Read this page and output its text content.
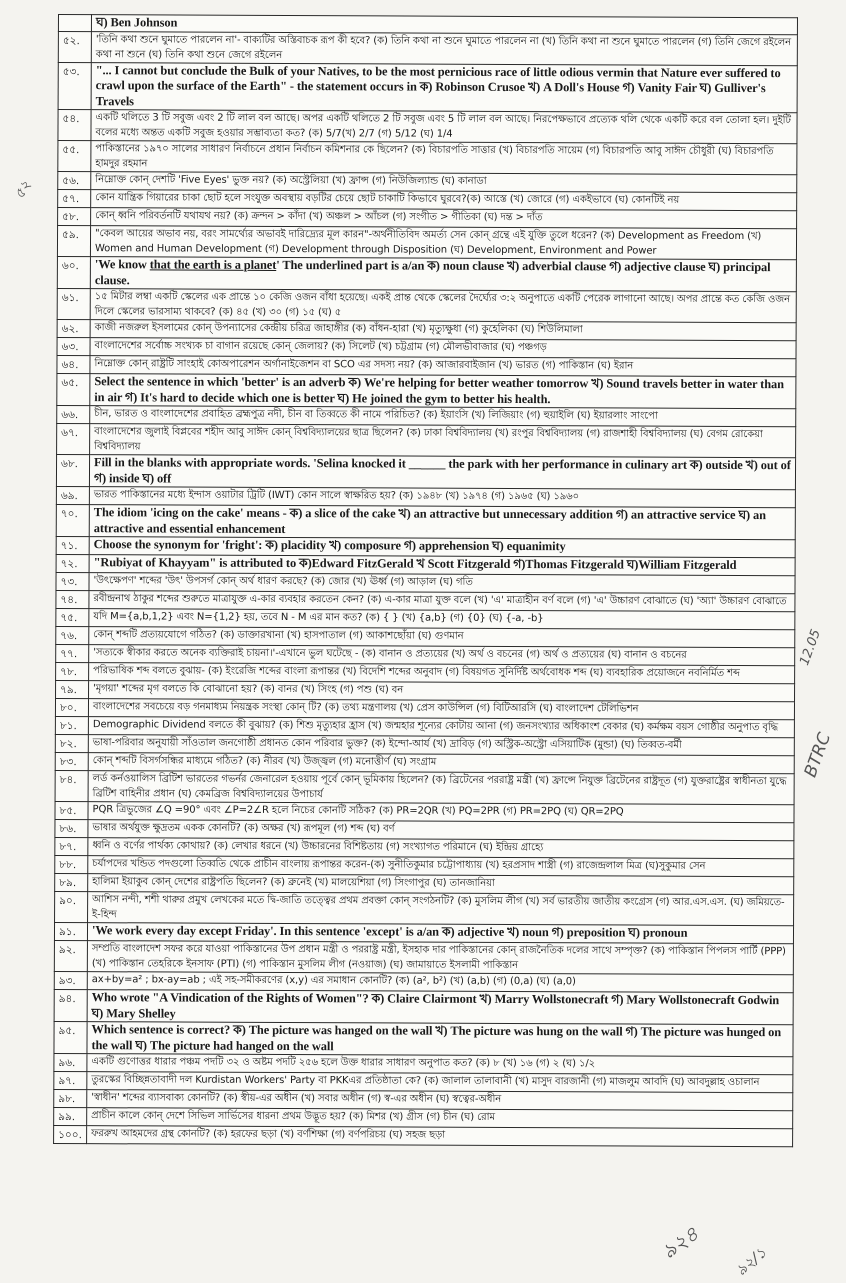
	ঘ) Ben Johnson
৫২.	'তিনি কথা শুনে ঘুমাতে পারলেন না'- বাক্যটির অস্তিবাচক রূপ কী হবে? (ক) তিনি কথা না শুনে ঘুমাতে পারলেন না (খ) তিনি কথা না শুনে ঘুমাতে পারলেন (গ) তিনি জেগে রইলেন কথা না শুনে (ঘ) তিনি কথা শুনে জেগে রইলেন
৫৩.	"... I cannot but conclude the Bulk of your Natives, to be the most pernicious race of little odious vermin that Nature ever suffered to crawl upon the surface of the Earth" - the statement occurs in ক) Robinson Crusoe খ) A Doll's House গ) Vanity Fair ঘ) Gulliver's Travels
৫৪.	একটি থলিতে 3 টি সবুজ এবং 2 টি লাল বল আছে। অপর একটি থলিতে 2 টি সবুজ এবং 5 টি লাল বল আছে। নিরপেক্ষভাবে প্রত্যেক থলি থেকে একটি করে বল তোলা হল। দুইটি বলের মধ্যে অন্তত একটি সবুজ হওয়ার সম্ভাব্যতা কত? (ক) 5/7(খ) 2/7 (গ) 5/12 (ঘ) 1/4
৫৫.	পাকিস্তানের ১৯৭০ সালের সাধারণ নির্বাচনে প্রধান নির্বাচন কমিশনার কে ছিলেন? (ক) বিচারপতি সাত্তার (খ) বিচারপতি সায়েম (গ) বিচারপতি আবু সাঈদ চৌধুরী (ঘ) বিচারপতি হামদুর রহমান
৫৬.	নিম্নোক্ত কোন্ দেশটি 'Five Eyes' ভুক্ত নয়? (ক) অস্ট্রেলিয়া (খ) ফ্রান্স (গ) নিউজিল্যান্ড (ঘ) কানাডা
৫৭.	কোন যান্ত্রিক গিয়ারের চাকা ছোট হলে সংযুক্ত অবস্থায় বড়টির চেয়ে ছোট চাকাটি কিভাবে ঘুরবে?(ক) আস্তে (খ) জোরে (গ) একইভাবে (ঘ) কোনটিই নয়
৫৮.	কোন্ ধ্বনি পরিবর্তনটি যথাযথ নয়? (ক) ক্রন্দন > কাঁদা (খ) অঞ্চল > আঁচল (গ) সংগীত > গীতিকা (ঘ) দন্ত > দাঁত
৫৯.	"কেবল আয়ের অভাব নয়, বরং সামর্থ্যের অভাবই দারিদ্র্যের মূল কারন"-অর্থনীতিবিদ অমর্ত্য সেন কোন্ গ্রন্থে এই যুক্তি তুলে ধরেন? (ক) Development as Freedom (খ) Women and Human Development (গ) Development through Disposition (ঘ) Development, Environment and Power
৬০.	'We know that the earth is a planet' The underlined part is a/an ক) noun clause খ) adverbial clause গ) adjective clause ঘ) principal clause.
৬১.	১৫ মিটার লম্বা একটি স্কেলের এক প্রান্তে ১০ কেজি ওজন বাঁধা হয়েছে। একই প্রান্ত থেকে স্কেলের দৈর্ঘ্যের ৩:২ অনুপাতে একটি পেরেক লাগানো আছে। অপর প্রান্তে কত কেজি ওজন দিলে স্কেলের ভারসাম্য থাকবে? (ক) ৪৫ (খ) ৩০ (গ) ১৫ (ঘ) ৫
৬২.	কাজী নজরুল ইসলামের কোন্ উপন্যাসের কেন্দ্রীয় চরিত্র জাহাঙ্গীর (ক) বাঁধন-হারা (খ) মৃত্যুক্ষুধা (গ) কুহেলিকা (ঘ) শিউলিমালা
৬৩.	বাংলাদেশের সর্বোচ্চ সংখ্যক চা বাগান রয়েছে কোন্ জেলায়? (ক) সিলেট (খ) চট্টগ্রাম (গ) মৌলভীবাজার (ঘ) পঞ্চগড়
৬৪.	নিম্নোক্ত কোন্ রাষ্ট্রটি সাংহাই কোঅপারেশন অর্গানাইজেশন বা SCO এর সদস্য নয়? (ক) আজারবাইজান (খ) ভারত (গ) পাকিস্তান (ঘ) ইরান
৬৫.	Select the sentence in which 'better' is an adverb ক) We're helping for better weather tomorrow খ) Sound travels better in water than in air গ) It's hard to decide which one is better ঘ) He joined the gym to better his health.
৬৬.	চীন, ভারত ও বাংলাদেশের প্রবাহিত ব্রহ্মপুত্র নদী, চীন বা তিব্বতে কী নামে পরিচিত? (ক) ইয়াংসি (খ) লিজিয়াং (গ) হুয়াইলি (ঘ) ইয়ারলাং সাংপো
৬৭.	বাংলাদেশের জুলাই বিপ্লবের শহীদ আবু সাঈদ কোন্ বিশ্ববিদ্যালয়ের ছাত্র ছিলেন? (ক) ঢাকা বিশ্ববিদ্যালয় (খ) রংপুর বিশ্ববিদ্যালয় (গ) রাজশাহী বিশ্ববিদ্যালয় (ঘ) বেগম রোকেয়া বিশ্ববিদ্যালয়
৬৮.	Fill in the blanks with appropriate words. 'Selina knocked it ______ the park with her performance in culinary art ক) outside খ) out of গ) inside ঘ) off
৬৯.	ভারত পাকিস্তানের মধ্যে ইন্দাস ওয়াটার ট্রিটি (IWT) কোন সালে স্বাক্ষরিত হয়? (ক) ১৯৪৮ (খ) ১৯৭৪ (গ) ১৯৬৫ (ঘ) ১৯৬০
৭০.	The idiom 'icing on the cake' means - ক) a slice of the cake খ) an attractive but unnecessary addition গ) an attractive service ঘ) an attractive and essential enhancement
৭১.	Choose the synonym for 'fright': ক) placidity খ) composure গ) apprehension ঘ) equanimity
৭২.	"Rubiyat of Khayyam" is attributed to ক)Edward FitzGerald খ Scott Fitzgerald গ)Thomas Fitzgerald ঘ)William Fitzgerald
৭৩.	'উৎক্ষেপণ' শব্দের 'উৎ' উপসর্গ কোন্ অর্থ ধারণ করছে? (ক) জোর (খ) ঊর্ধ্ব (গ) আড়াল (ঘ) গতি
৭৪.	রবীন্দ্রনাথ ঠাকুর শব্দের শুরুতে মাত্রাযুক্ত এ-কার ব্যবহার করতেন কেন? (ক) এ-কার মাত্রা যুক্ত বলে (খ) 'এ' মাত্রাহীন বর্ণ বলে (গ) 'এ' উচ্চারণ বোঝাতে (ঘ) 'অ্যা' উচ্চারণ বোঝাতে
৭৫.	যদি M={a,b,1,2} এবং N={1,2} হয়, তবে N - M এর মান কত? (ক) { } (খ) {a,b} (গ) {0} (ঘ) {-a, -b}
৭৬.	কোন্ শব্দটি প্রত্যয়যোগে গঠিত? (ক) ডাক্তারখানা (খ) হাসপাতাল (গ) আকাশছোঁয়া (ঘ) গুণমান
৭৭.	'সত্যকে স্বীকার করতে অনেক ব্যক্তিরাই চায়না।'-এখানে ভুল ঘটেছে - (ক) বানান ও প্রত্যয়ের (খ) অর্থ ও বচনের (গ) অর্থ ও প্রত্যয়ের (ঘ) বানান ও বচনের
৭৮.	পরিভাষিক শব্দ বলতে বুঝায়- (ক) ইংরেজি শব্দের বাংলা রূপান্তর (খ) বিদেশি শব্দের অনুবাদ (গ) বিষয়গত সুনির্দিষ্ট অর্থবোধক শব্দ (ঘ) ব্যবহারিক প্রয়োজনে নবনির্মিত শব্দ
৭৯.	'মৃগয়া' শব্দের মৃগ বলতে কি বোঝানো হয়? (ক) বানর (খ) সিংহ (গ) পশু (ঘ) বন
৮০.	বাংলাদেশের সবচেয়ে বড় গনমাধ্যম নিয়ন্ত্রক সংস্থা কোন্ টি? (ক) তথ্য মন্ত্রণালয় (খ) প্রেস কাউন্সিল (গ) বিটিআরসি (ঘ) বাংলাদেশ টেলিভিশন
৮১.	Demographic Dividend বলতে কী বুঝায়? (ক) শিশু মৃত্যুহার হ্রাস (খ) জন্মহার শূন্যের কোটায় আনা (গ) জনসংখ্যার অধিকাংশ বেকার (ঘ) কর্মক্ষম বয়স গোষ্ঠীর অনুপাত বৃদ্ধি
৮২.	ভাষা-পরিবার অনুযায়ী সাঁওতাল জনগোষ্ঠী প্রধানত কোন পরিবার ভুক্ত? (ক) ইন্দো-আর্য (খ) দ্রাবিড় (গ) অস্ট্রিক-অস্ট্রো এসিয়াটিক (মুন্ডা) (ঘ) তিব্বত-বর্মী
৮৩.	কোন্ শব্দটি বিসর্গসন্ধির মাধ্যমে গঠিত? (ক) নীরব (খ) উজ্জ্বল (গ) মনোত্তীর্ণ (ঘ) সংগ্রাম
৮৪.	লর্ড কর্নওয়ালিস ব্রিটিশ ভারতের গভর্নর জেনারেল হওয়ায় পূর্বে কোন্ ভূমিকায় ছিলেন? (ক) ব্রিটেনের পররাষ্ট্র মন্ত্রী (খ) ফ্রান্সে নিযুক্ত ব্রিটেনের রাষ্ট্রদূত (গ) যুক্তরাষ্ট্রের স্বাধীনতা যুদ্ধে ব্রিটিশ বাহিনীর প্রধান (ঘ) কেমব্রিজ বিশ্ববিদ্যালয়ের উপাচার্য
৮৫.	PQR ত্রিভুজের ∠Q =90° এবং ∠P=2∠R হলে নিচের কোনটি সঠিক? (ক) PR=2QR (খ) PQ=2PR (গ) PR=2PQ (ঘ) QR=2PQ
৮৬.	ভাষার অর্থযুক্ত ক্ষুদ্রতম একক কোনটি? (ক) অক্ষর (খ) রূপমূল (গ) শব্দ (ঘ) বর্ণ
৮৭.	ধ্বনি ও বর্ণের পার্থক্য কোথায়? (ক) লেখার ধরনে (খ) উচ্চারনের বিশিষ্টতায় (গ) সংখ্যাগত পরিমানে (ঘ) ইন্দ্রিয় গ্রাহ্যে
৮৮.	চর্যাপদের খন্ডিত পদগুলো তিব্বতি থেকে প্রাচীন বাংলায় রূপান্তর করেন-(ক) সুনীতিকুমার চট্টোপাধ্যায় (খ) হরপ্রসাদ শাস্ত্রী (গ) রাজেন্দ্রলাল মিত্র (ঘ)সুকুমার সেন
৮৯.	হালিমা ইয়াকুব কোন্ দেশের রাষ্ট্রপতি ছিলেন? (ক) ব্রুনেই (খ) মালয়েশিয়া (গ) সিংগাপুর (ঘ) তানজানিয়া
৯০.	আশিস নন্দী, শশী থারুর প্রমুখ লেখকের মতে দ্বি-জাতি তত্ত্বের প্রথম প্রবক্তা কোন্ সংগঠনটি? (ক) মুসলিম লীগ (খ) সর্ব ভারতীয় জাতীয় কংগ্রেস (গ) আর.এস.এস. (ঘ) জমিয়তে-ই-হিন্দ
৯১.	'We work every day except Friday'. In this sentence 'except' is a/an ক) adjective খ) noun গ) preposition ঘ) pronoun
৯২.	সম্প্রতি বাংলাদেশ সফর করে যাওয়া পাকিস্তানের উপ প্রধান মন্ত্রী ও পররাষ্ট্র মন্ত্রী, ইসহাক দার পাকিস্তানের কোন্ রাজনৈতিক দলের সাথে সম্পৃক্ত? (ক) পাকিস্তান পিপলস পার্টি (PPP) (খ) পাকিস্তান তেহরিকে ইনসাফ (PTI) (গ) পাকিস্তান মুসলিম লীগ (নওয়াজ) (ঘ) জামায়াতে ইসলামী পাকিস্তান
৯৩.	ax+by=a² ; bx-ay=ab ; এই সহ-সমীকরণের (x,y) এর সমাধান কোনটি? (ক) (a², b²) (খ) (a,b) (গ) (0,a) (ঘ) (a,0)
৯৪.	Who wrote "A Vindication of the Rights of Women"? ক) Claire Clairmont খ) Marry Wollstonecraft গ) Mary Wollstonecraft Godwin ঘ) Mary Shelley
৯৫.	Which sentence is correct? ক) The picture was hanged on the wall খ) The picture was hung on the wall গ) The picture was hunged on the wall ঘ) The picture had hanged on the wall
৯৬.	একটি গুণোত্তর ধারার পঞ্চম পদটি ৩২ ও অষ্টম পদটি ২৫৬ হলে উক্ত ধারার সাধারণ অনুপাত কত? (ক) ৮ (খ) ১৬ (গ) ২ (ঘ) ১/২
৯৭.	তুরস্কের বিচ্ছিন্নতাবাদী দল Kurdistan Workers' Party বা PKKএর প্রতিষ্ঠাতা কে? (ক) জালাল তালাবানী (খ) মাসুদ বারজানী (গ) মাজলুম আবদি (ঘ) আবদুল্লাহ ওচালান
৯৮.	'স্বাধীন' শব্দের ব্যাসবাক্য কোনটি? (ক) স্বীয়-এর অধীন (খ) সবার অধীন (গ) স্ব-এর অধীন (ঘ) স্বত্বের-অধীন
৯৯.	প্রাচীন কালে কোন্ দেশে সিভিল সার্ভিসের ধারনা প্রথম উদ্ভূত হয়? (ক) মিশর (খ) গ্রীস (গ) চীন (ঘ) রোম
১০০.	ফররুখ আহমদের গ্রন্থ কোনটি? (ক) হরফের ছড়া (খ) বর্ণশিক্ষা (গ) বর্ণপরিচয় (ঘ) সহজ ছড়া
৫২
12.05
BTRC
৯২৪ ৯২/১
